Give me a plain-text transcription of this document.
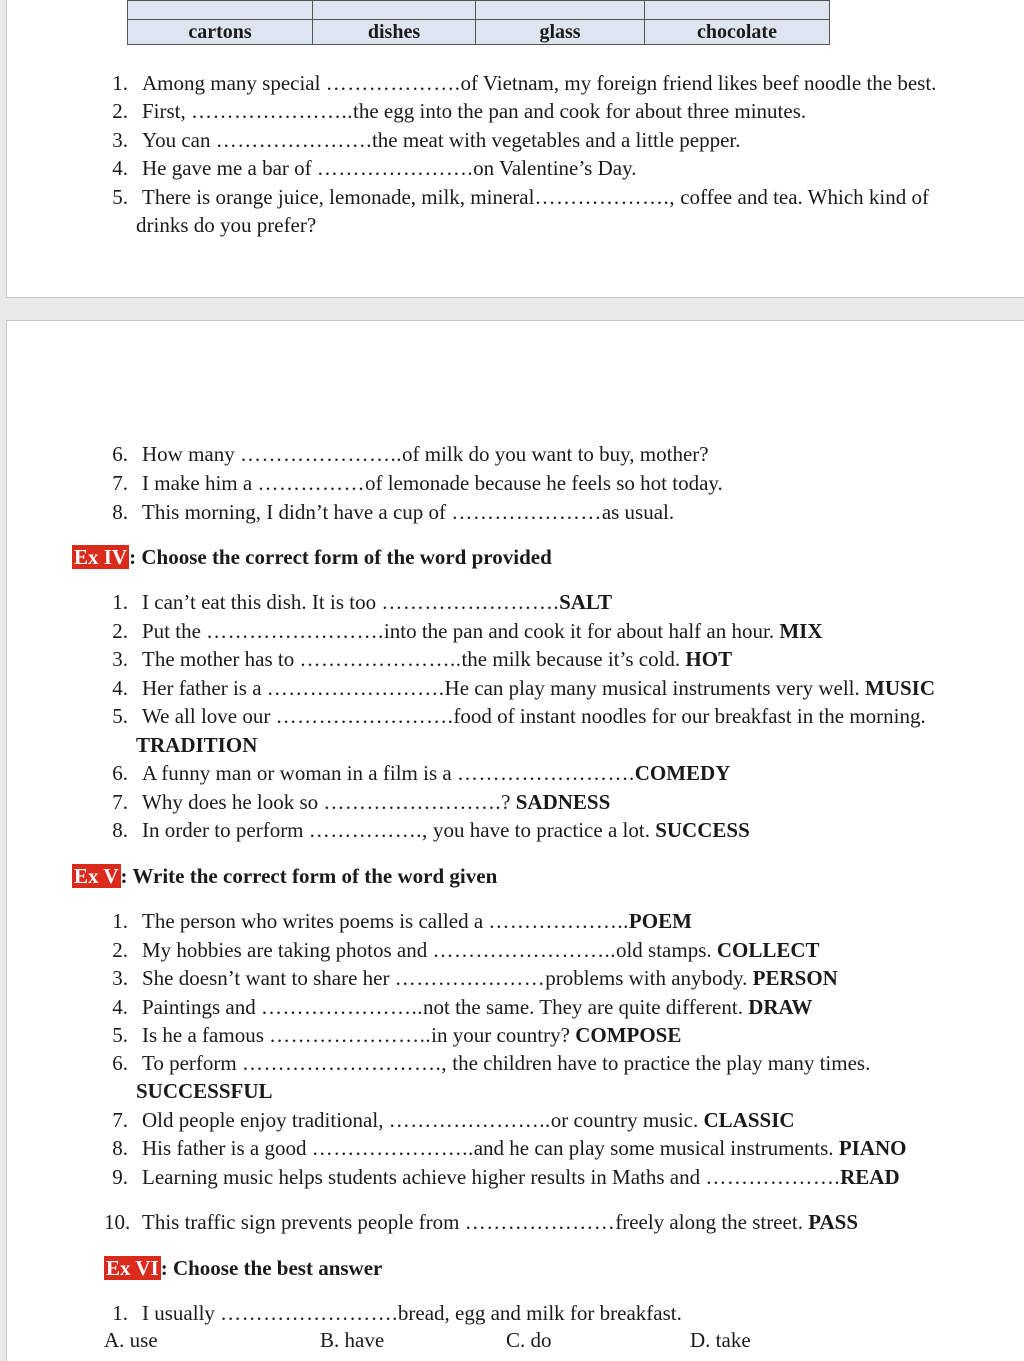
cartons	dishes	glass	chocolate
1. Among many special ……………….of Vietnam, my foreign friend likes beef noodle the best.
2. First, …………………..the egg into the pan and cook for about three minutes.
3. You can ………………….the meat with vegetables and a little pepper.
4. He gave me a bar of ………………….on Valentine’s Day.
5. There is orange juice, lemonade, milk, mineral………………., coffee and tea. Which kind of
drinks do you prefer?
6. How many …………………..of milk do you want to buy, mother?
7. I make him a ……………of lemonade because he feels so hot today.
8. This morning, I didn’t have a cup of …………………as usual.
Ex IV: Choose the correct form of the word provided
1. I can’t eat this dish. It is too …………………….SALT
2. Put the …………………….into the pan and cook it for about half an hour. MIX
3. The mother has to …………………..the milk because it’s cold. HOT
4. Her father is a …………………….He can play many musical instruments very well. MUSIC
5. We all love our …………………….food of instant noodles for our breakfast in the morning.
6. A funny man or woman in a film is a …………………….COMEDY
7. Why does he look so …………………….? SADNESS
8. In order to perform ……………., you have to practice a lot. SUCCESS
TRADITION
Ex V: Write the correct form of the word given
1. The person who writes poems is called a ………………..POEM
2. My hobbies are taking photos and ……………………..old stamps. COLLECT
3. She doesn’t want to share her …………………problems with anybody. PERSON
4. Paintings and …………………..not the same. They are quite different. DRAW
5. Is he a famous …………………..in your country? COMPOSE
6. To perform ………………………., the children have to practice the play many times.
7. Old people enjoy traditional, …………………..or country music. CLASSIC
8. His father is a good …………………..and he can play some musical instruments. PIANO
9. Learning music helps students achieve higher results in Maths and ……………….READ
10. This traffic sign prevents people from …………………freely along the street. PASS
SUCCESSFUL
Ex VI: Choose the best answer
1. I usually …………………….bread, egg and milk for breakfast.
A. use	B. have	C. do	D. take
